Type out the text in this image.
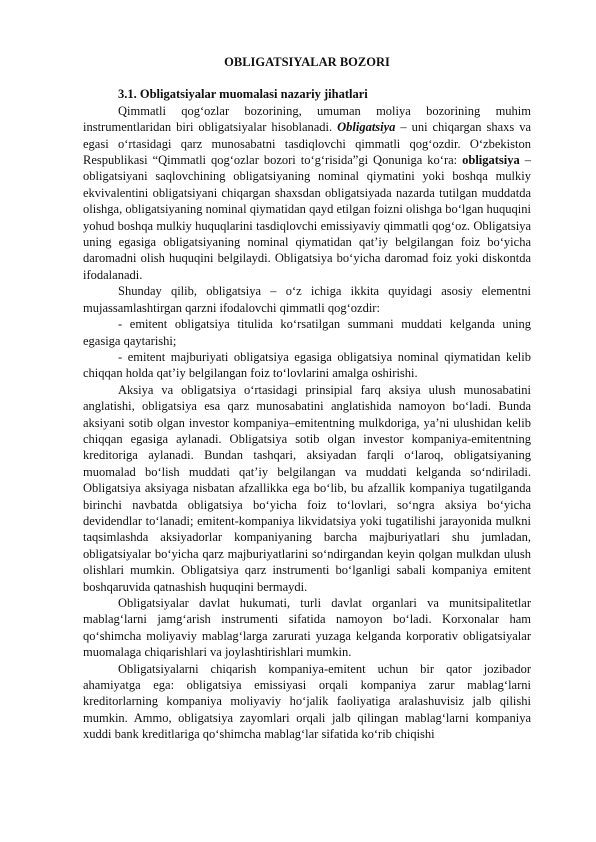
OBLIGATSIYALAR BOZORI
3.1. Obligatsiyalar muomalasi nazariy jihatlari

Qimmatli qog‘ozlar bozorining, umuman moliya bozorining muhim instrumentlaridan biri obligatsiyalar hisoblanadi. Obligatsiya – uni chiqargan shaxs va egasi o‘rtasidagi qarz munosabatni tasdiqlovchi qimmatli qog‘ozdir. O‘zbekiston Respublikasi “Qimmatli qog‘ozlar bozori to‘g‘risida”gi Qonuniga ko‘ra: obligatsiya – obligatsiyani saqlovchining obligatsiyaning nominal qiymatini yoki boshqa mulkiy ekvivalentini obligatsiyani chiqargan shaxsdan obligatsiyada nazarda tutilgan muddatda olishga, obligatsiyaning nominal qiymatidan qayd etilgan foizni olishga bo‘lgan huquqini yohud boshqa mulkiy huquqlarini tasdiqlovchi emissiyaviy qimmatli qog‘oz. Obligatsiya uning egasiga obligatsiyaning nominal qiymatidan qat’iy belgilangan foiz bo‘yicha daromadni olish huquqini belgilaydi. Obligatsiya bo‘yicha daromad foiz yoki diskontda ifodalanadi.

Shunday qilib, obligatsiya – o‘z ichiga ikkita quyidagi asosiy elementni mujassamlashtirgan qarzni ifodalovchi qimmatli qog‘ozdir:

- emitent obligatsiya titulida ko‘rsatilgan summani muddati kelganda uning egasiga qaytarishi;

- emitent majburiyati obligatsiya egasiga obligatsiya nominal qiymatidan kelib chiqqan holda qat’iy belgilangan foiz to‘lovlarini amalga oshirishi.

Aksiya va obligatsiya o‘rtasidagi prinsipial farq aksiya ulush munosabatini anglatishi, obligatsiya esa qarz munosabatini anglatishida namoyon bo‘ladi. Bunda aksiyani sotib olgan investor kompaniya–emitentning mulkdoriga, ya’ni ulushidan kelib chiqqan egasiga aylanadi. Obligatsiya sotib olgan investor kompaniya-emitentning kreditoriga aylanadi. Bundan tashqari, aksiyadan farqli o‘laroq, obligatsiyaning muomalad bo‘lish muddati qat’iy belgilangan va muddati kelganda so‘ndiriladi. Obligatsiya aksiyaga nisbatan afzallikka ega bo‘lib, bu afzallik kompaniya tugatilganda birinchi navbatda obligatsiya bo‘yicha foiz to‘lovlari, so‘ngra aksiya bo‘yicha devidendlar to‘lanadi; emitent-kompaniya likvidatsiya yoki tugatilishi jarayonida mulkni taqsimlashda aksiyadorlar kompaniyaning barcha majburiyatlari shu jumladan, obligatsiyalar bo‘yicha qarz majburiyatlarini so‘ndirgandan keyin qolgan mulkdan ulush olishlari mumkin. Obligatsiya qarz instrumenti bo‘lganligi sabali kompaniya emitent boshqaruvida qatnashish huquqini bermaydi.

Obligatsiyalar davlat hukumati, turli davlat organlari va munitsipalitetlar mablag‘larni jamg‘arish instrumenti sifatida namoyon bo‘ladi. Korxonalar ham qo‘shimcha moliyaviy mablag‘larga zarurati yuzaga kelganda korporativ obligatsiyalar muomalaga chiqarishlari va joylashtirishlari mumkin.

Obligatsiyalarni chiqarish kompaniya-emitent uchun bir qator jozibador ahamiyatga ega: obligatsiya emissiyasi orqali kompaniya zarur mablag‘larni kreditorlarning kompaniya moliyaviy ho‘jalik faoliyatiga aralashuvisiz jalb qilishi mumkin. Ammo, obligatsiya zayomlari orqali jalb qilingan mablag‘larni kompaniya xuddi bank kreditlariga qo‘shimcha mablag‘lar sifatida ko‘rib chiqishi
